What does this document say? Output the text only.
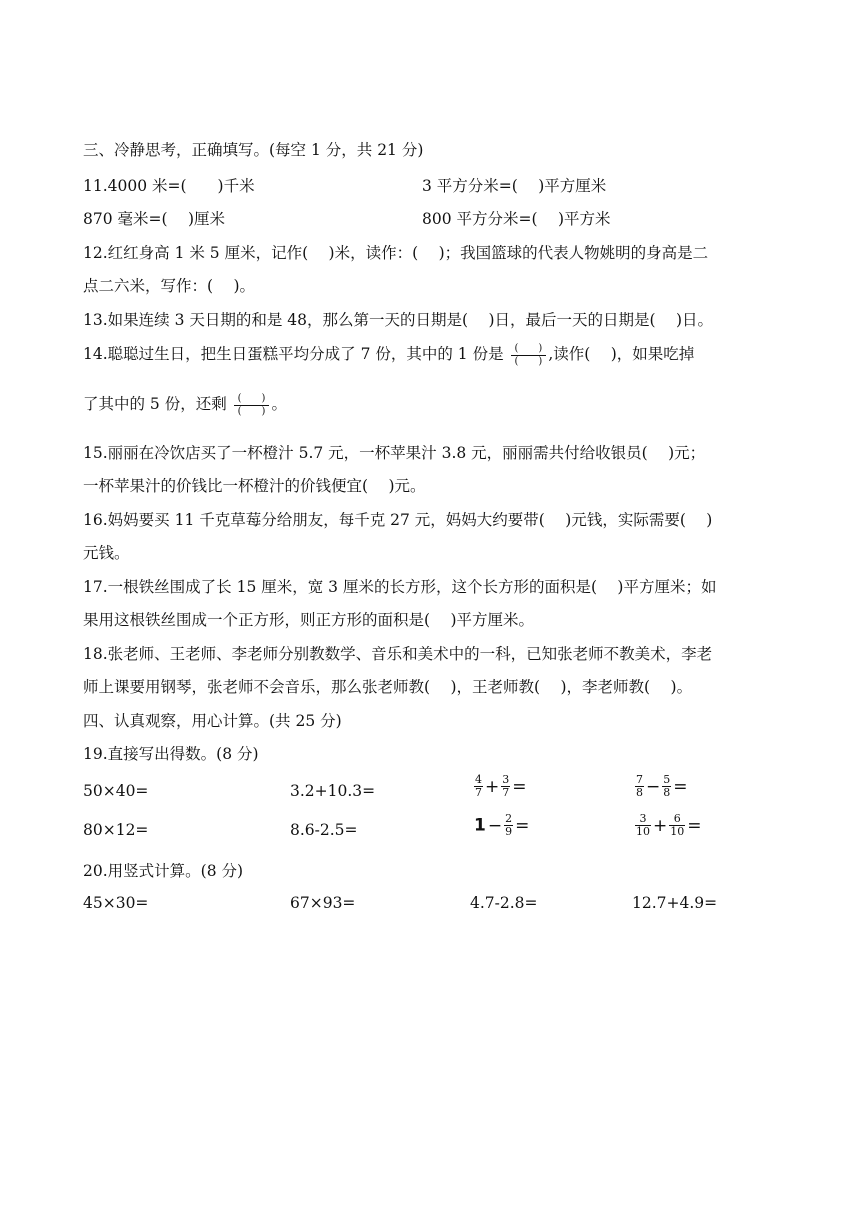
三、冷静思考，正确填写。(每空 1 分，共 21 分)
11.4000 米=(　　)千米	3 平方分米=(　 )平方厘米
870 毫米=(　 )厘米	800 平方分米=(　 )平方米
12.红红身高 1 米 5 厘米，记作(　 )米，读作：(　 )；我国篮球的代表人物姚明的身高是二
点二六米，写作：(　 )。
13.如果连续 3 天日期的和是 48，那么第一天的日期是(　 )日，最后一天的日期是(　 )日。
14.聪聪过生日，把生日蛋糕平均分成了 7 份，其中的 1 份是 $\frac{( )}{( )}$ ,读作(　 )，如果吃掉
了其中的 5 份，还剩 $\frac{( )}{( )}$ 。
15.丽丽在冷饮店买了一杯橙汁 5.7 元，一杯苹果汁 3.8 元，丽丽需共付给收银员(　 )元；
一杯苹果汁的价钱比一杯橙汁的价钱便宜(　 )元。
16.妈妈要买 11 千克草莓分给朋友，每千克 27 元，妈妈大约要带(　 )元钱，实际需要(　 )
元钱。
17.一根铁丝围成了长 15 厘米，宽 3 厘米的长方形，这个长方形的面积是(　 )平方厘米；如
果用这根铁丝围成一个正方形，则正方形的面积是(　 )平方厘米。
18.张老师、王老师、李老师分别教数学、音乐和美术中的一科，已知张老师不教美术，李老
师上课要用钢琴，张老师不会音乐，那么张老师教(　 )，王老师教(　 )，李老师教(　 )。
四、认真观察，用心计算。(共 25 分)
19.直接写出得数。(8 分)
50×40=	3.2+10.3=	$\frac{4}{7} + \frac{3}{7}$ =	$\frac{7}{8} - \frac{5}{8}$ =
80×12=	8.6-2.5=	$1 - \frac{2}{9}$ =	$\frac{3}{10} + \frac{6}{10}$ =
20.用竖式计算。(8 分)
45×30=	67×93=	4.7-2.8=	12.7+4.9=
